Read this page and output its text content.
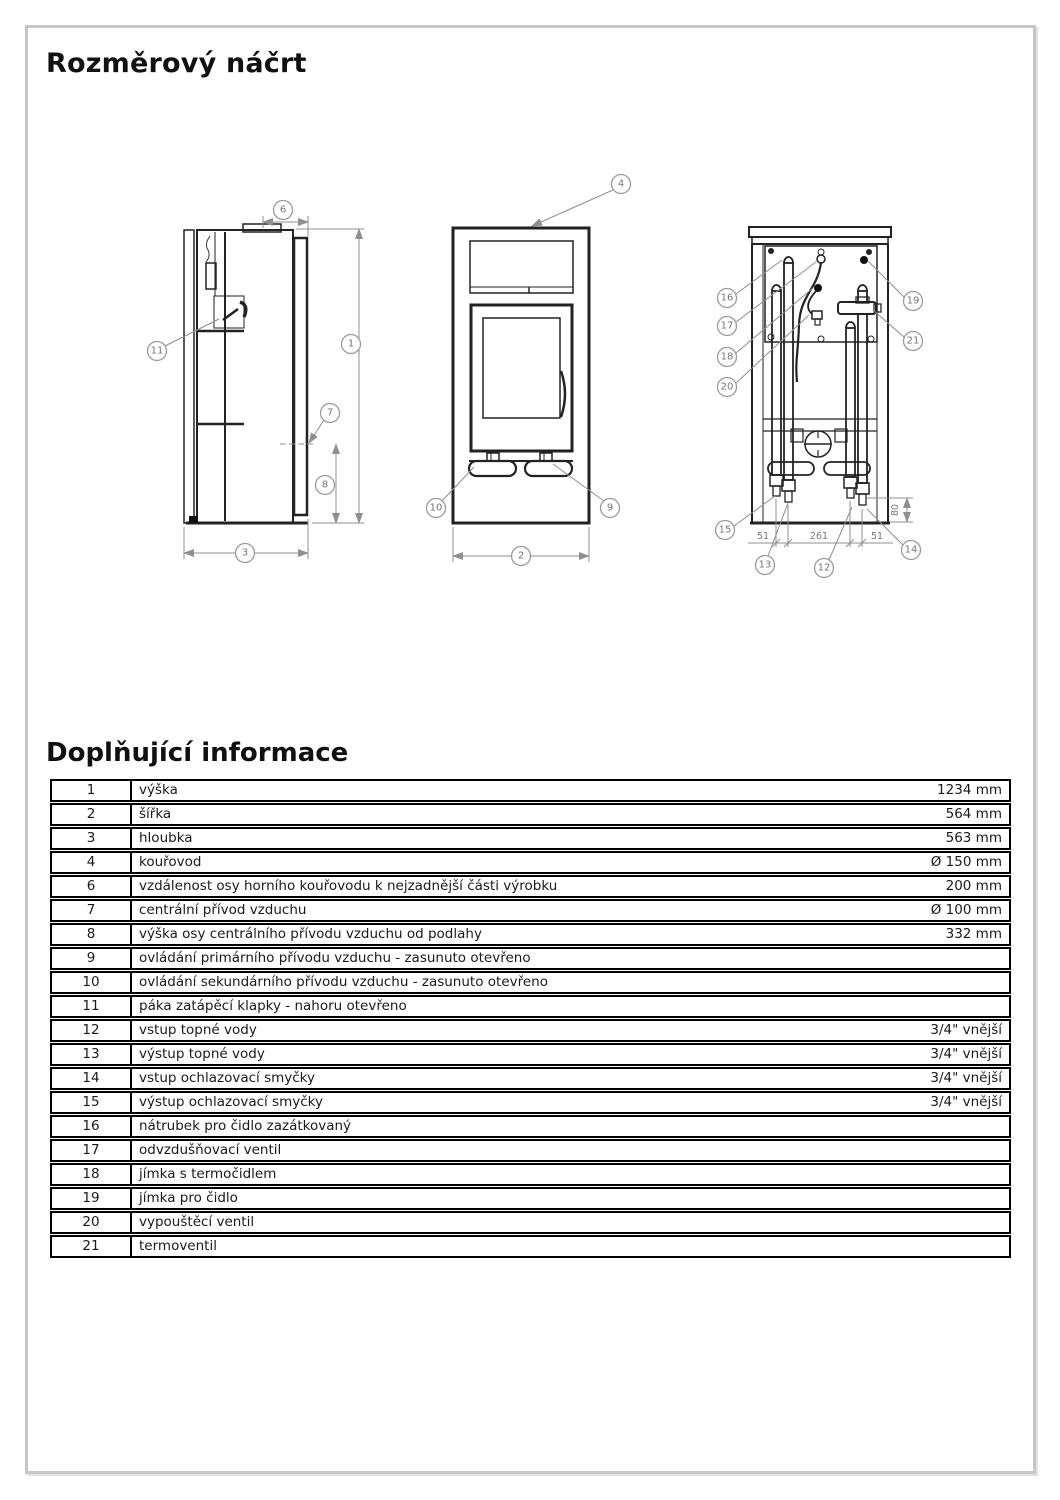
Rozměrový náčrt
6
1
11
7
8
3
4
10	9
2
51	261	51
80
16
17
18
20
19
21
15
13	12
14
Doplňující informace
1	výška	1234 mm
2	šířka	564 mm
3	hloubka	563 mm
4	kouřovod	Ø 150 mm
6	vzdálenost osy horního kouřovodu k nejzadnější části výrobku	200 mm
7	centrální přívod vzduchu	Ø 100 mm
8	výška osy centrálního přívodu vzduchu od podlahy	332 mm
9	ovládání primárního přívodu vzduchu - zasunuto otevřeno
10	ovládání sekundárního přívodu vzduchu - zasunuto otevřeno
11	páka zatápěcí klapky - nahoru otevřeno
12	vstup topné vody	3/4" vnější
13	výstup topné vody	3/4" vnější
14	vstup ochlazovací smyčky	3/4" vnější
15	výstup ochlazovací smyčky	3/4" vnější
16	nátrubek pro čidlo zazátkovaný
17	odvzdušňovací ventil
18	jímka s termočidlem
19	jímka pro čidlo
20	vypouštěcí ventil
21	termoventil
